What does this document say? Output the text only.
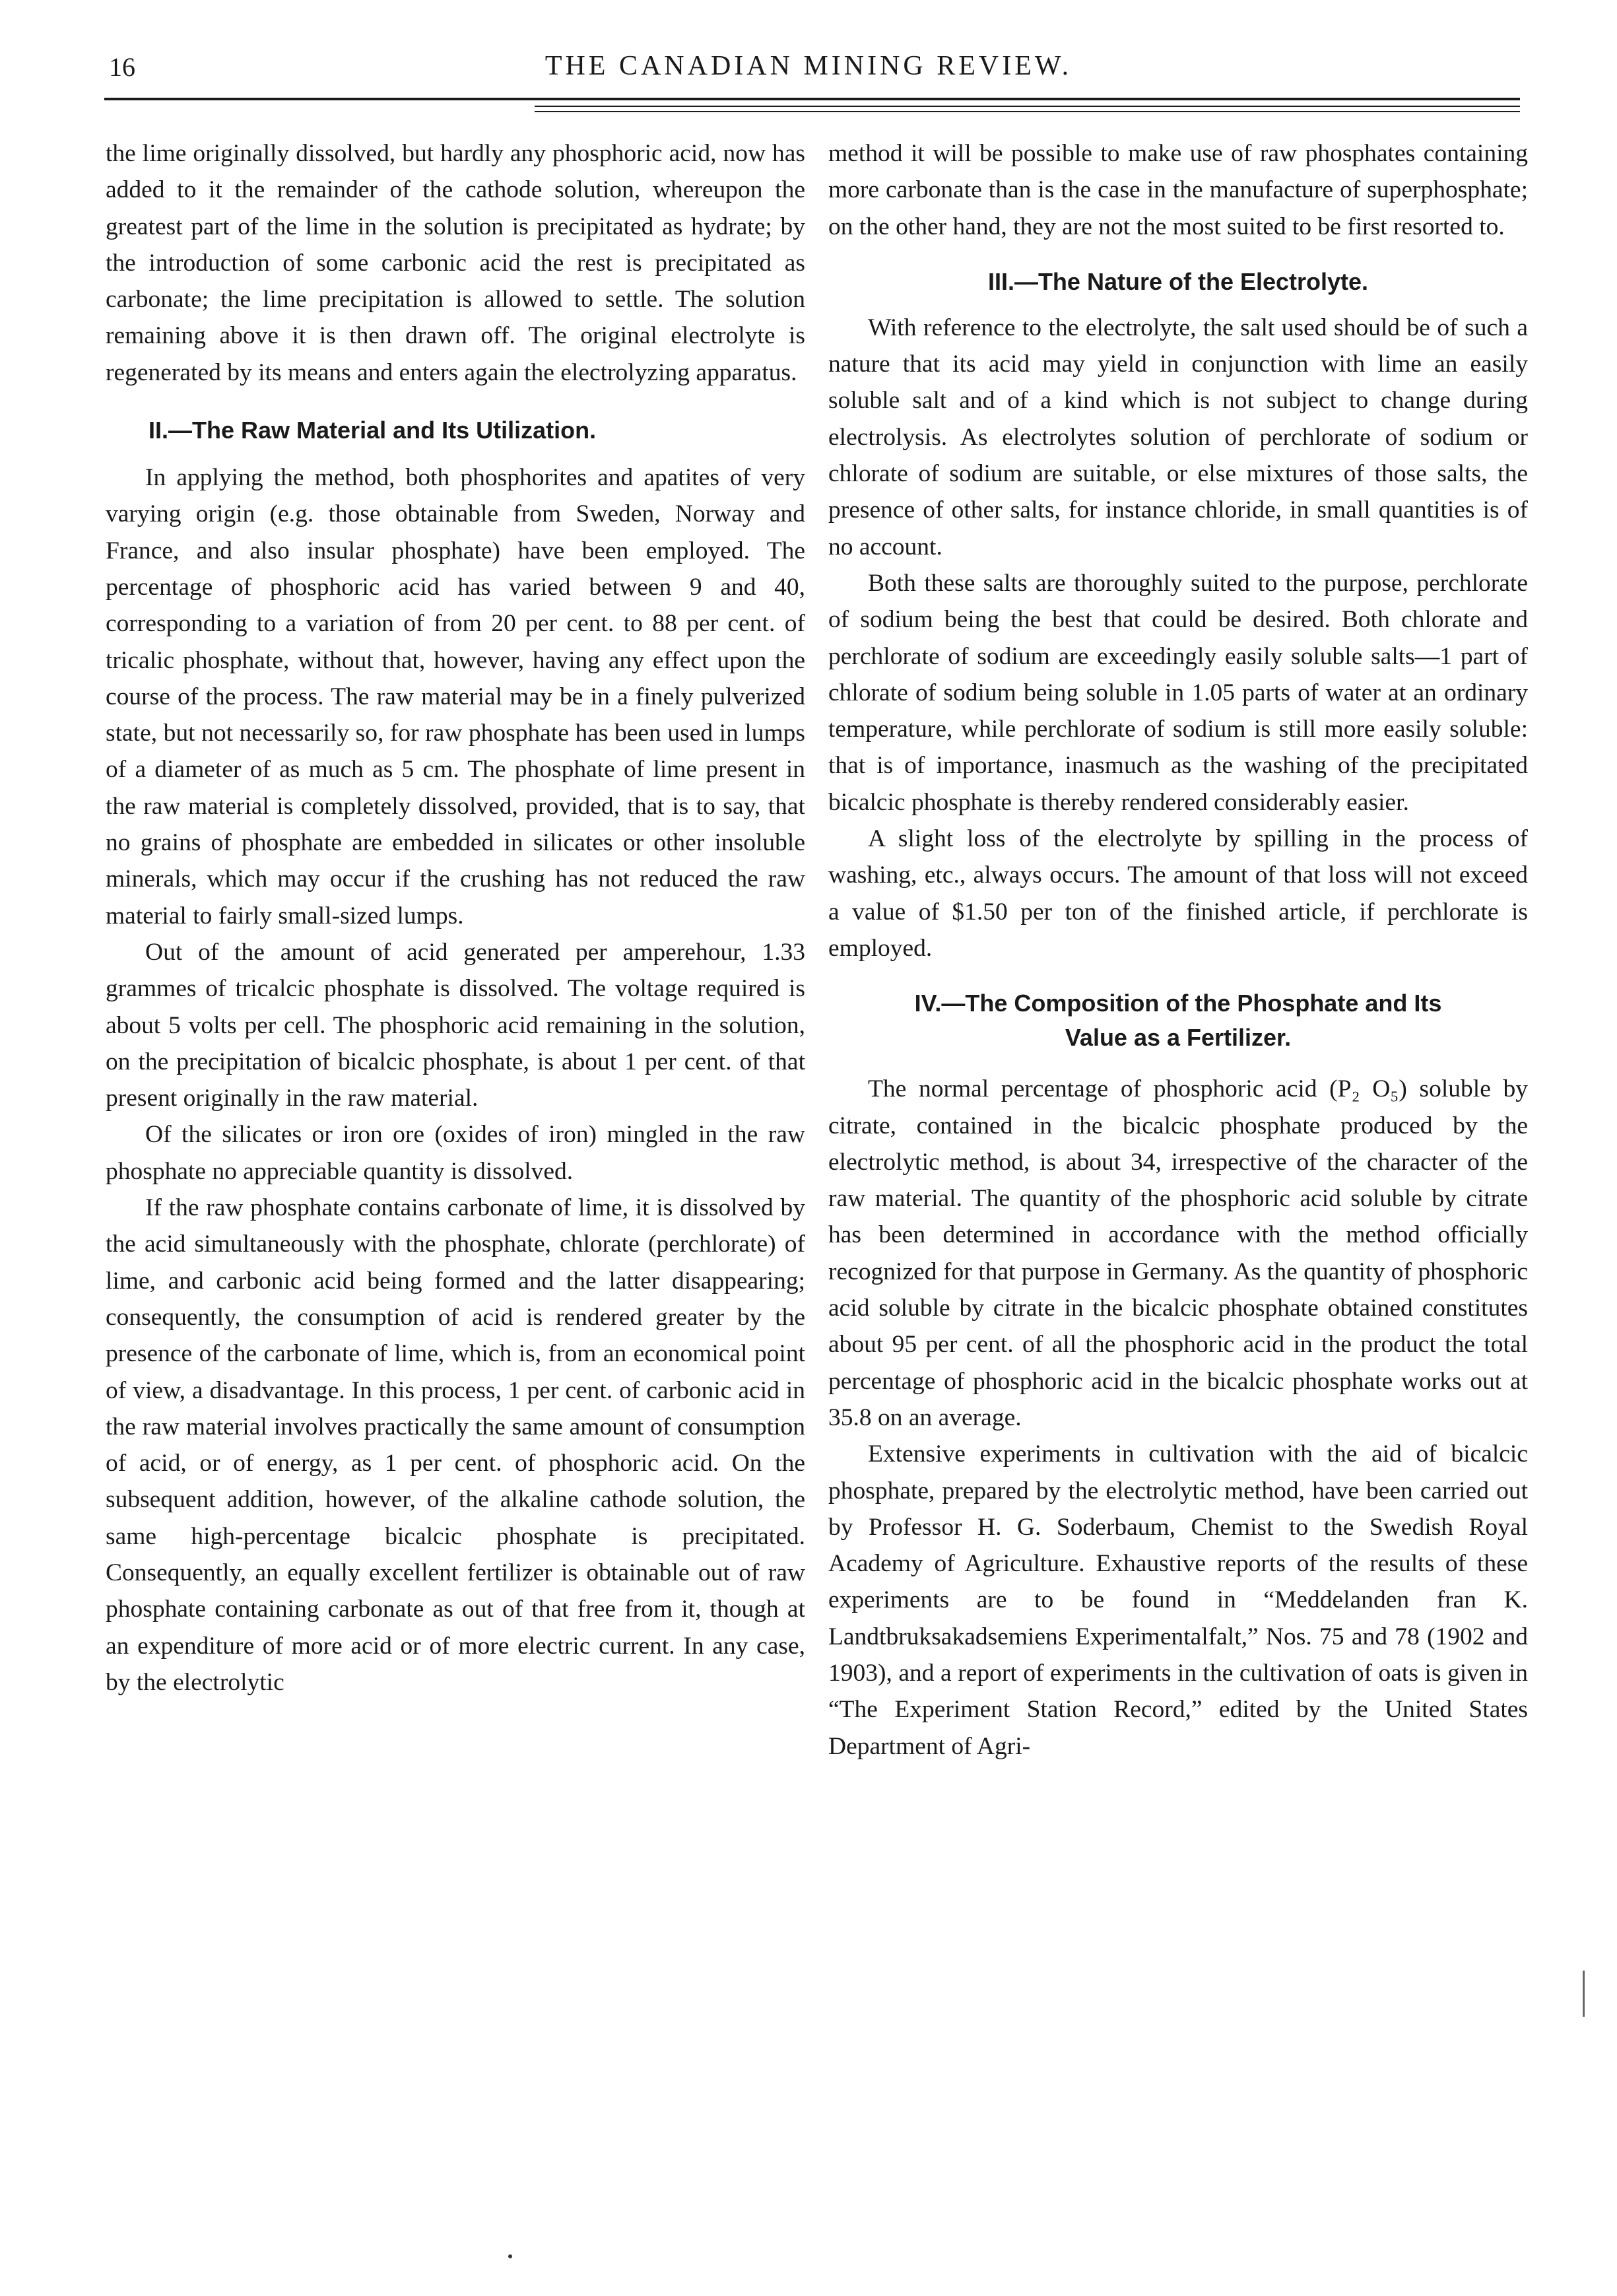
16	THE CANADIAN MINING REVIEW.

the lime originally dissolved, but hardly any phosphoric acid, now has added to it the remainder of the cathode solution, whereupon the greatest part of the lime in the solution is precipitated as hydrate; by the introduction of some carbonic acid the rest is precipitated as carbonate; the lime precipitation is allowed to settle. The solution remaining above it is then drawn off. The original electrolyte is regenerated by its means and enters again the electrolyzing apparatus.

II.—The Raw Material and Its Utilization.

In applying the method, both phosphorites and apatites of very varying origin (e.g. those obtainable from Sweden, Norway and France, and also insular phosphate) have been employed. The percentage of phosphoric acid has varied between 9 and 40, corresponding to a variation of from 20 per cent. to 88 per cent. of tricalic phosphate, without that, however, having any effect upon the course of the process. The raw material may be in a finely pulverized state, but not necessarily so, for raw phosphate has been used in lumps of a diameter of as much as 5 cm. The phosphate of lime present in the raw material is completely dissolved, provided, that is to say, that no grains of phosphate are embedded in silicates or other insoluble minerals, which may occur if the crushing has not reduced the raw material to fairly small-sized lumps.

Out of the amount of acid generated per amperehour, 1.33 grammes of tricalcic phosphate is dissolved. The voltage required is about 5 volts per cell. The phosphoric acid remaining in the solution, on the precipitation of bicalcic phosphate, is about 1 per cent. of that present originally in the raw material.

Of the silicates or iron ore (oxides of iron) mingled in the raw phosphate no appreciable quantity is dissolved.

If the raw phosphate contains carbonate of lime, it is dissolved by the acid simultaneously with the phosphate, chlorate (perchlorate) of lime, and carbonic acid being formed and the latter disappearing; consequently, the consumption of acid is rendered greater by the presence of the carbonate of lime, which is, from an economical point of view, a disadvantage. In this process, 1 per cent. of carbonic acid in the raw material involves practically the same amount of consumption of acid, or of energy, as 1 per cent. of phosphoric acid. On the subsequent addition, however, of the alkaline cathode solution, the same high-percentage bicalcic phosphate is precipitated. Consequently, an equally excellent fertilizer is obtainable out of raw phosphate containing carbonate as out of that free from it, though at an expenditure of more acid or of more electric current. In any case, by the electrolytic

method it will be possible to make use of raw phosphates containing more carbonate than is the case in the manufacture of superphosphate; on the other hand, they are not the most suited to be first resorted to.

III.—The Nature of the Electrolyte.

With reference to the electrolyte, the salt used should be of such a nature that its acid may yield in conjunction with lime an easily soluble salt and of a kind which is not subject to change during electrolysis. As electrolytes solution of perchlorate of sodium or chlorate of sodium are suitable, or else mixtures of those salts, the presence of other salts, for instance chloride, in small quantities is of no account.

Both these salts are thoroughly suited to the purpose, perchlorate of sodium being the best that could be desired. Both chlorate and perchlorate of sodium are exceedingly easily soluble salts—1 part of chlorate of sodium being soluble in 1.05 parts of water at an ordinary temperature, while perchlorate of sodium is still more easily soluble: that is of importance, inasmuch as the washing of the precipitated bicalcic phosphate is thereby rendered considerably easier.

A slight loss of the electrolyte by spilling in the process of washing, etc., always occurs. The amount of that loss will not exceed a value of $1.50 per ton of the finished article, if perchlorate is employed.

IV.—The Composition of the Phosphate and Its
Value as a Fertilizer.

The normal percentage of phosphoric acid (P₂ O₅) soluble by citrate, contained in the bicalcic phosphate produced by the electrolytic method, is about 34, irrespective of the character of the raw material. The quantity of the phosphoric acid soluble by citrate has been determined in accordance with the method officially recognized for that purpose in Germany. As the quantity of phosphoric acid soluble by citrate in the bicalcic phosphate obtained constitutes about 95 per cent. of all the phosphoric acid in the product the total percentage of phosphoric acid in the bicalcic phosphate works out at 35.8 on an average.

Extensive experiments in cultivation with the aid of bicalcic phosphate, prepared by the electrolytic method, have been carried out by Professor H. G. Soderbaum, Chemist to the Swedish Royal Academy of Agriculture. Exhaustive reports of the results of these experiments are to be found in “Meddelanden fran K. Landtbruksakadsemiens Experimentalfalt,” Nos. 75 and 78 (1902 and 1903), and a report of experiments in the cultivation of oats is given in “The Experiment Station Record,” edited by the United States Department of Agri-
